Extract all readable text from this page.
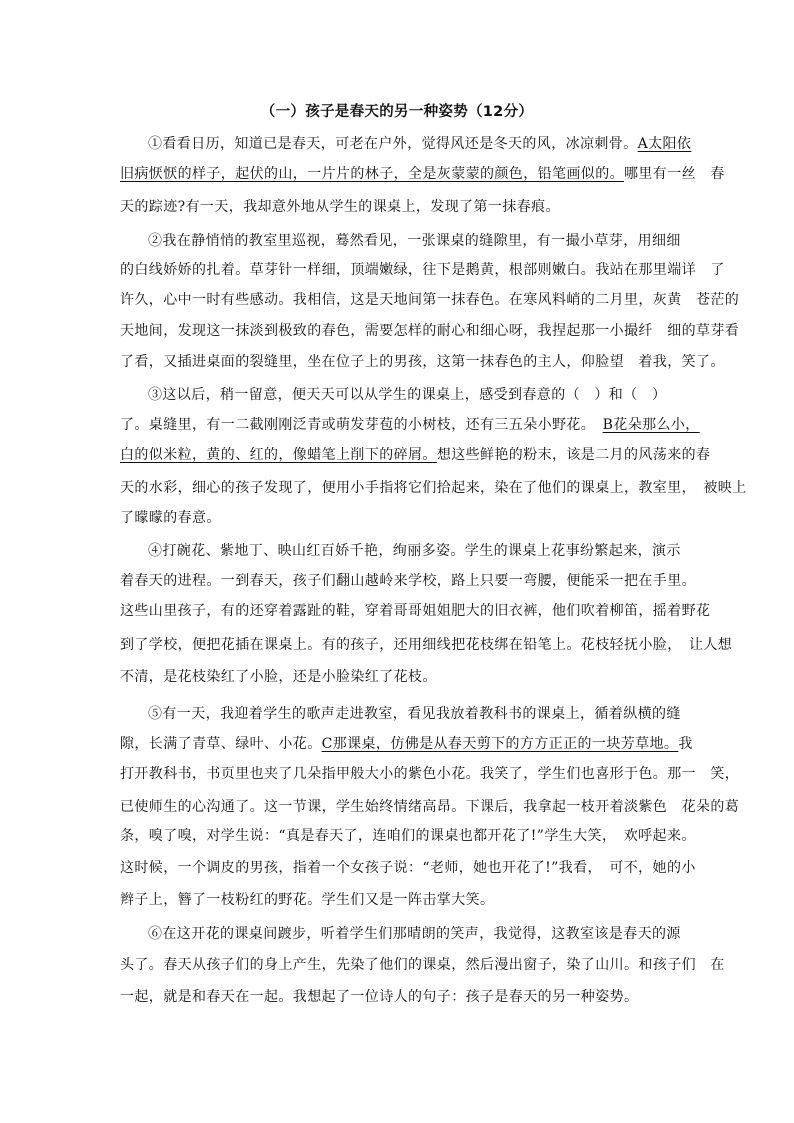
（一）孩子是春天的另一种姿势（12分）
①看看日历，知道已是春天，可老在户外，觉得风还是冬天的风，冰凉刺骨。A太阳依
旧病恹恹的样子，起伏的山，一片片的林子，全是灰蒙蒙的颜色，铅笔画似的。哪里有一丝　春
天的踪迹?有一天，我却意外地从学生的课桌上，发现了第一抹春痕。
②我在静悄悄的教室里巡视，蓦然看见，一张课桌的缝隙里，有一撮小草芽，用细细
的白线娇娇的扎着。草芽针一样细，顶端嫩绿，往下是鹅黄，根部则嫩白。我站在那里端详　了
许久，心中一时有些感动。我相信，这是天地间第一抹春色。在寒风料峭的二月里，灰黄　苍茫的
天地间，发现这一抹淡到极致的春色，需要怎样的耐心和细心呀，我捏起那一小撮纤　细的草芽看
了看，又插进桌面的裂缝里，坐在位子上的男孩，这第一抹春色的主人，仰脸望　着我，笑了。
③这以后，稍一留意，便天天可以从学生的课桌上，感受到春意的（　）和（　）
了。桌缝里，有一二截刚刚泛青或萌发芽苞的小树枝，还有三五朵小野花。　B花朵那么小，
白的似米粒，黄的、红的，像蜡笔上削下的碎屑。想这些鲜艳的粉末，该是二月的风荡来的春
天的水彩，细心的孩子发现了，便用小手指将它们拾起来，染在了他们的课桌上，教室里，　被映上
了曚曚的春意。
④打碗花、紫地丁、映山红百娇千艳，绚丽多姿。学生的课桌上花事纷繁起来，演示
着春天的进程。一到春天，孩子们翻山越岭来学校，路上只要一弯腰，便能采一把在手里。
这些山里孩子，有的还穿着露趾的鞋，穿着哥哥姐姐肥大的旧衣裤，他们吹着柳笛，摇着野花
到了学校，便把花插在课桌上。有的孩子，还用细线把花枝绑在铅笔上。花枝轻抚小脸，　让人想
不清，是花枝染红了小脸，还是小脸染红了花枝。
⑤有一天，我迎着学生的歌声走进教室，看见我放着教科书的课桌上，循着纵横的缝
隙，长满了青草、绿叶、小花。C那课桌，仿佛是从春天剪下的方方正正的一块芳草地。我
打开教科书，书页里也夹了几朵指甲般大小的紫色小花。我笑了，学生们也喜形于色。那一　笑，
已使师生的心沟通了。这一节课，学生始终情绪高昂。下课后，我拿起一枝开着淡紫色　花朵的葛
条，嗅了嗅，对学生说：“真是春天了，连咱们的课桌也都开花了!”学生大笑，　欢呼起来。
这时候，一个调皮的男孩，指着一个女孩子说：“老师，她也开花了!”我看，　可不，她的小
辫子上，簪了一枝粉红的野花。学生们又是一阵击掌大笑。
⑥在这开花的课桌间踱步，听着学生们那晴朗的笑声，我觉得，这教室该是春天的源
头了。春天从孩子们的身上产生，先染了他们的课桌，然后漫出窗子，染了山川。和孩子们　在
一起，就是和春天在一起。我想起了一位诗人的句子：孩子是春天的另一种姿势。
